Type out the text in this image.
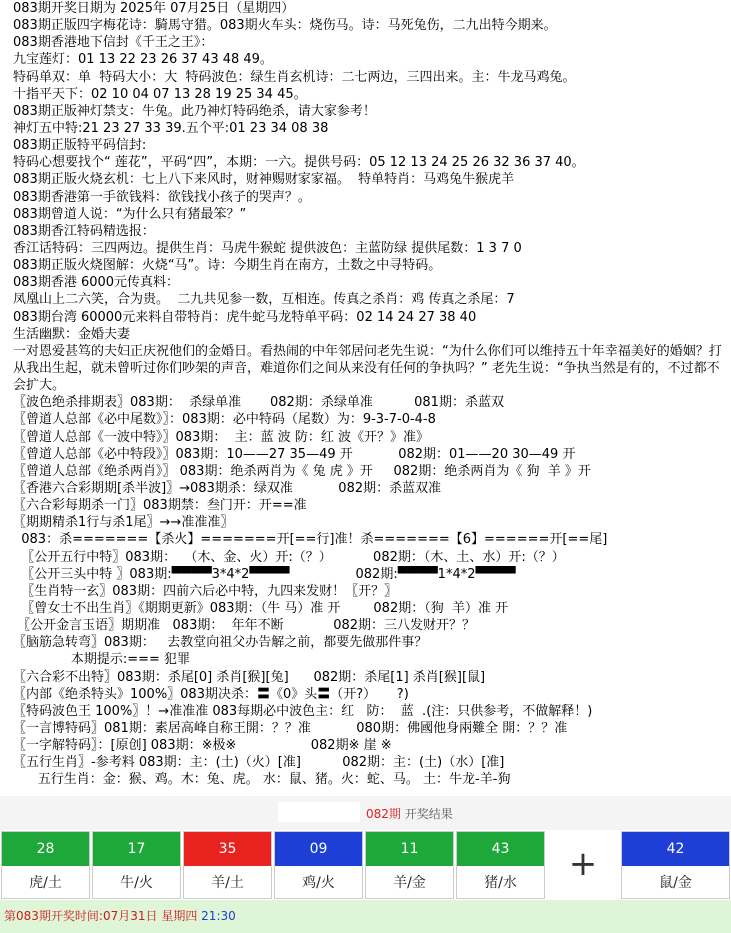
083期开奖日期为 2025年 07月25日（星期四）
083期正版四字梅花诗：騎馬守猎。083期火车头：烧伤马。诗：马死兔伤，二九出特今期来。
083期香港地下信封《千王之王》：
九宝莲灯：01 13 22 23 26 37 43 48 49。
特码单双：单  特码大小：大  特码波色：绿生肖玄机诗：二七两边，三四出来。主：牛龙马鸡兔。
十指平天下：02 10 04 07 13 28 19 25 34 45。
083期正版神灯禁支：牛兔。此乃神灯特码绝杀，请大家参考！
神灯五中特:21 23 27 33 39.五个平:01 23 34 08 38
083期正版特平码信封:
特码心想要找个“ 莲花”，平码“四”，本期：一六。提供号码：05 12 13 24 25 26 32 36 37 40。
083期正版火烧玄机：七上八下来风时，财神赐财家家福。  特单特肖：马鸡兔牛猴虎羊
083期香港第一手欲钱料：欲钱找小孩子的哭声？。
083期曾道人说：“为什么只有猪最笨？”
083期香江特码精选报：
香江话特码：三四两边。提供生肖：马虎牛猴蛇 提供波色：主蓝防绿 提供尾数：1 3 7 0
083期正版火烧图解：火烧“马”。诗：今期生肖在南方，土数之中寻特码。
083期香港 6000元传真料：
凤凰山上二六笑，合为贵。  二九共见参一数，互相连。传真之杀肖：鸡 传真之杀尾：7
083期台湾 60000元来料自带特肖：虎牛蛇马龙特单平码：02 14 24 27 38 40
生活幽默：金婚夫妻
一对恩爱甚笃的夫妇正庆祝他们的金婚日。看热闹的中年邻居问老先生说：“为什么你们可以维持五十年幸福美好的婚姻？打从我出生起，就未曾听过你们吵架的声音，难道你们之间从来没有任何的争执吗？” 老先生说：“争执当然是有的，不过都不会扩大。
〖波色绝杀排期表〗083期：  杀绿单准       082期：杀绿单准          081期：杀蓝双
〖曾道人总部《必中尾数》〗：083期：必中特码（尾数）为：9-3-7-0-4-8
〖曾道人总部《一波中特》〗083期：  主：蓝 波 防：红 波《开？》准》
〖曾道人总部《必中特段》〗083期：10——27 35—49 开           082期：01——20 30—49 开
〖曾道人总部《绝杀两肖》〗 083期：绝杀两肖为《 兔 虎 》开     082期：绝杀两肖为《 狗  羊 》开
〖香港六合彩期期[杀半波]〗→083期杀：绿双准           082期：杀蓝双准
〖六合彩每期杀一门〗083期禁：叁门开：开==准
〖期期精杀1行与杀1尾〗→→准准准〗
083：杀=======【杀火】=======开[==行]准！杀=======【6】======开[==尾]
〖公开五行中特〗083期：  （木、金、火）开:（？）          082期：（木、土、水）开:（？）
〖公开三头中特 〗083期:▀▀▀▀3*4*2▀▀▀▀                082期:▀▀▀▀1*4*2▀▀▀▀
〖生肖特一玄〗083期：四前六后必中特，九四来发财！〖开？〗
〖曾女士不出生肖〗《期期更新》083期：（牛 马）准 开        082期：（狗  羊）准 开
〖公开金言玉语〗期期准   083期：  年年不断            082期：三八发财开？？
〖脑筋急转弯〗083期：   去教堂向祖父办告解之前，都要先做那件事？
本期提示:=== 犯罪
〖六合彩不出特〗083期：杀尾[0] 杀肖[猴][兔]      082期：杀尾[1] 杀肖[猴][鼠]
〖内部《绝杀特头》100%〗083期决杀：〓《0》头〓（开?）     ?)
〖特码波色王 100%〗！→准准准 083每期必中波色主：红   防：  蓝  .(注：只供参考，不做解释！)
〖一言博特码〗081期：素居高峰自称王開：？？准           080期：佛國他身兩難全 開：？？准
〖一字解特码〗：[原创] 083期：※极※                  082期※ 崖 ※
〖五行生肖〗-参考料 083期：主：(土)（火）[准]          082期：主：(土)（水）[准]
五行生肖：金：猴、鸡。木：兔、虎。 水：鼠、猪。火：蛇、马。 土：牛龙-羊-狗
082期 开奖结果
28
虎/土
17
牛/火
35
羊/土
09
鸡/火
11
羊/金
43
猪/水	+	42
鼠/金
第083期开奖时间:07月31日 星期四 21:30
